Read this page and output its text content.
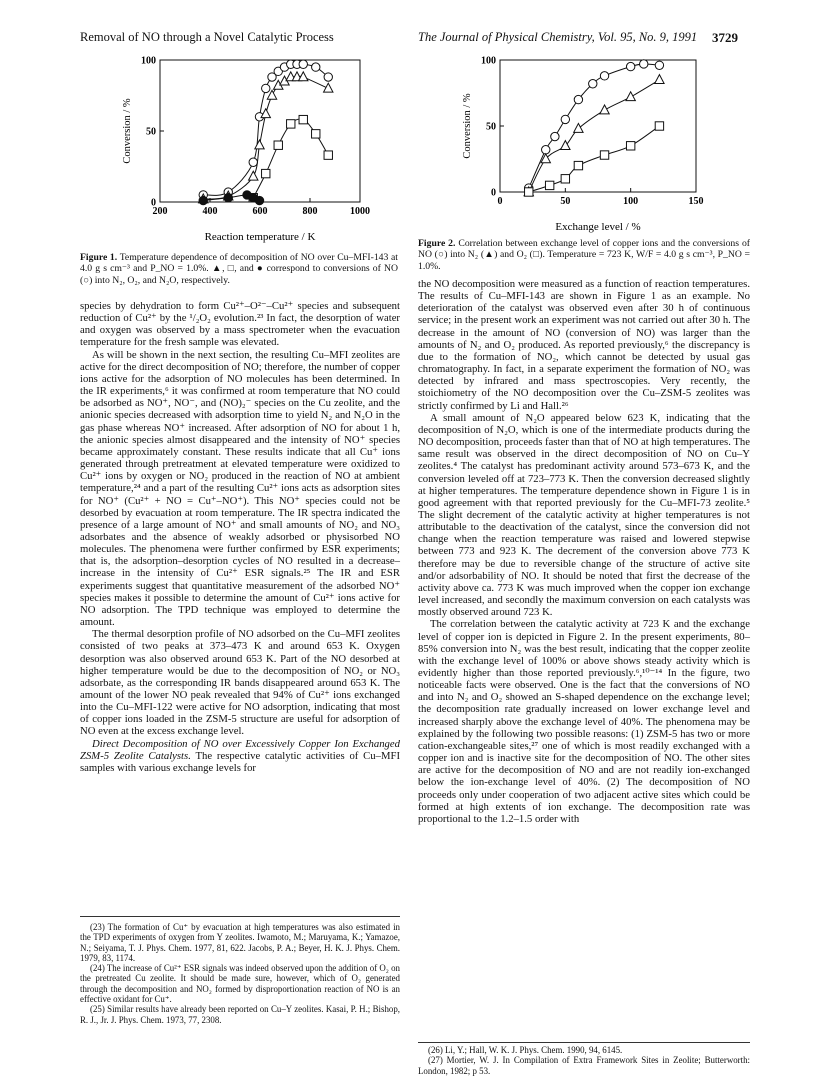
Removal of NO through a Novel Catalytic Process	The Journal of Physical Chemistry, Vol. 95, No. 9, 1991 3729
200	400	600	800	1000
0
50
100
Reaction temperature / K
Conversion / %
Figure 1. Temperature dependence of decomposition of NO over Cu–MFI-143 at 4.0 g s cm⁻³ and P_NO = 1.0%. ▲, □, and ● correspond to conversions of NO (○) into N₂, O₂, and N₂O, respectively.
0	50	100	150
0
50
100
Exchange level / %
Conversion / %
Figure 2. Correlation between exchange level of copper ions and the conversions of NO (○) into N₂ (▲) and O₂ (□). Temperature = 723 K, W/F = 4.0 g s cm⁻³, P_NO = 1.0%.

species by dehydration to form Cu²⁺–O²⁻–Cu²⁺ species and subsequent reduction of Cu²⁺ by the ¹/₂O₂ evolution.²³ In fact, the desorption of water and oxygen was observed by a mass spectrometer when the evacuation temperature for the fresh sample was elevated.

As will be shown in the next section, the resulting Cu–MFI zeolites are active for the direct decomposition of NO; therefore, the number of copper ions active for the adsorption of NO molecules has been determined. In the IR experiments,⁶ it was confirmed at room temperature that NO could be adsorbed as NO⁺, NO⁻, and (NO)₂⁻ species on the Cu zeolite, and the anionic species decreased with adsorption time to yield N₂ and N₂O in the gas phase whereas NO⁺ increased. After adsorption of NO for about 1 h, the anionic species almost disappeared and the intensity of NO⁺ species became approximately constant. These results indicate that all Cu⁺ ions generated through pretreatment at elevated temperature were oxidized to Cu²⁺ ions by oxygen or NO₂ produced in the reaction of NO at ambient temperature,²⁴ and a part of the resulting Cu²⁺ ions acts as adsorption sites for NO⁺ (Cu²⁺ + NO = Cu⁺–NO⁺). This NO⁺ species could not be desorbed by evacuation at room temperature. The IR spectra indicated the presence of a large amount of NO⁺ and small amounts of NO₂ and NO₃ adsorbates and the absence of weakly adsorbed or physisorbed NO molecules. The phenomena were further confirmed by ESR experiments; that is, the adsorption–desorption cycles of NO resulted in a decrease–increase in the intensity of Cu²⁺ ESR signals.²⁵ The IR and ESR experiments suggest that quantitative measurement of the adsorbed NO⁺ species makes it possible to determine the amount of Cu²⁺ ions active for NO adsorption. The TPD technique was employed to determine the amount.

The thermal desorption profile of NO adsorbed on the Cu–MFI zeolites consisted of two peaks at 373–473 K and around 653 K. Oxygen desorption was also observed around 653 K. Part of the NO desorbed at higher temperature would be due to the decomposition of NO₂ or NO₃ adsorbate, as the corresponding IR bands disappeared around 653 K. The amount of the lower NO peak revealed that 94% of Cu²⁺ ions exchanged into the Cu–MFI-122 were active for NO adsorption, indicating that most of copper ions loaded in the ZSM-5 structure are useful for adsorption of NO even at the excess exchange level.

Direct Decomposition of NO over Excessively Copper Ion Exchanged ZSM-5 Zeolite Catalysts. The respective catalytic activities of Cu–MFI samples with various exchange levels for

the NO decomposition were measured as a function of reaction temperatures. The results of Cu–MFI-143 are shown in Figure 1 as an example. No deterioration of the catalyst was observed even after 30 h of continuous service; in the present work an experiment was not carried out after 30 h. The decrease in the amount of NO (conversion of NO) was larger than the amounts of N₂ and O₂ produced. As reported previously,⁶ the discrepancy is due to the formation of NO₂, which cannot be detected by usual gas chromatography. In fact, in a separate experiment the formation of NO₂ was detected by infrared and mass spectroscopies. Very recently, the stoichiometry of the NO decomposition over the Cu–ZSM-5 zeolites was strictly confirmed by Li and Hall.²⁶

A small amount of N₂O appeared below 623 K, indicating that the decomposition of N₂O, which is one of the intermediate products during the NO decomposition, proceeds faster than that of NO at high temperatures. The same result was observed in the direct decomposition of NO on Cu–Y zeolites.⁴ The catalyst has predominant activity around 573–673 K, and the conversion leveled off at 723–773 K. Then the conversion decreased slightly at higher temperatures. The temperature dependence shown in Figure 1 is in good agreement with that reported previously for the Cu–MFI-73 zeolite.⁵ The slight decrement of the catalytic activity at higher temperatures is not attributable to the deactivation of the catalyst, since the conversion did not change when the reaction temperature was raised and lowered stepwise between 773 and 923 K. The decrement of the conversion above 773 K therefore may be due to reversible change of the structure of active site and/or adsorbability of NO. It should be noted that first the decrease of the activity above ca. 773 K was much improved when the copper ion exchange level increased, and secondly the maximum conversion on each catalysts was mostly observed around 723 K.

The correlation between the catalytic activity at 723 K and the exchange level of copper ion is depicted in Figure 2. In the present experiments, 80–85% conversion into N₂ was the best result, indicating that the copper zeolite with the exchange level of 100% or above shows steady activity which is evidently higher than those reported previously.⁶,¹⁰⁻¹⁴ In the figure, two noticeable facts were observed. One is the fact that the conversions of NO and into N₂ and O₂ showed an S-shaped dependence on the exchange level; the decomposition rate gradually increased on lower exchange level and increased sharply above the exchange level of 40%. The phenomena may be explained by the following two possible reasons: (1) ZSM-5 has two or more cation-exchangeable sites,²⁷ one of which is most readily exchanged with a copper ion and is inactive site for the decomposition of NO. The other sites are active for the decomposition of NO and are not readily ion-exchanged below the ion-exchange level of 40%. (2) The decomposition of NO proceeds only under cooperation of two adjacent active sites which could be formed at high extents of ion exchange. The decomposition rate was proportional to the 1.2–1.5 order with

(23) The formation of Cu⁺ by evacuation at high temperatures was also estimated in the TPD experiments of oxygen from Y zeolites. Iwamoto, M.; Maruyama, K.; Yamazoe, N.; Seiyama, T. J. Phys. Chem. 1977, 81, 622. Jacobs, P. A.; Beyer, H. K. J. Phys. Chem. 1979, 83, 1174.

(24) The increase of Cu²⁺ ESR signals was indeed observed upon the addition of O₂ on the pretreated Cu zeolite. It should be made sure, however, which of O₂ generated through the decomposition and NO₂ formed by disproportionation reaction of NO is an effective oxidant for Cu⁺.

(25) Similar results have already been reported on Cu–Y zeolites. Kasai, P. H.; Bishop, R. J., Jr. J. Phys. Chem. 1973, 77, 2308.

(26) Li, Y.; Hall, W. K. J. Phys. Chem. 1990, 94, 6145.

(27) Mortier, W. J. In Compilation of Extra Framework Sites in Zeolite; Butterworth: London, 1982; p 53.
